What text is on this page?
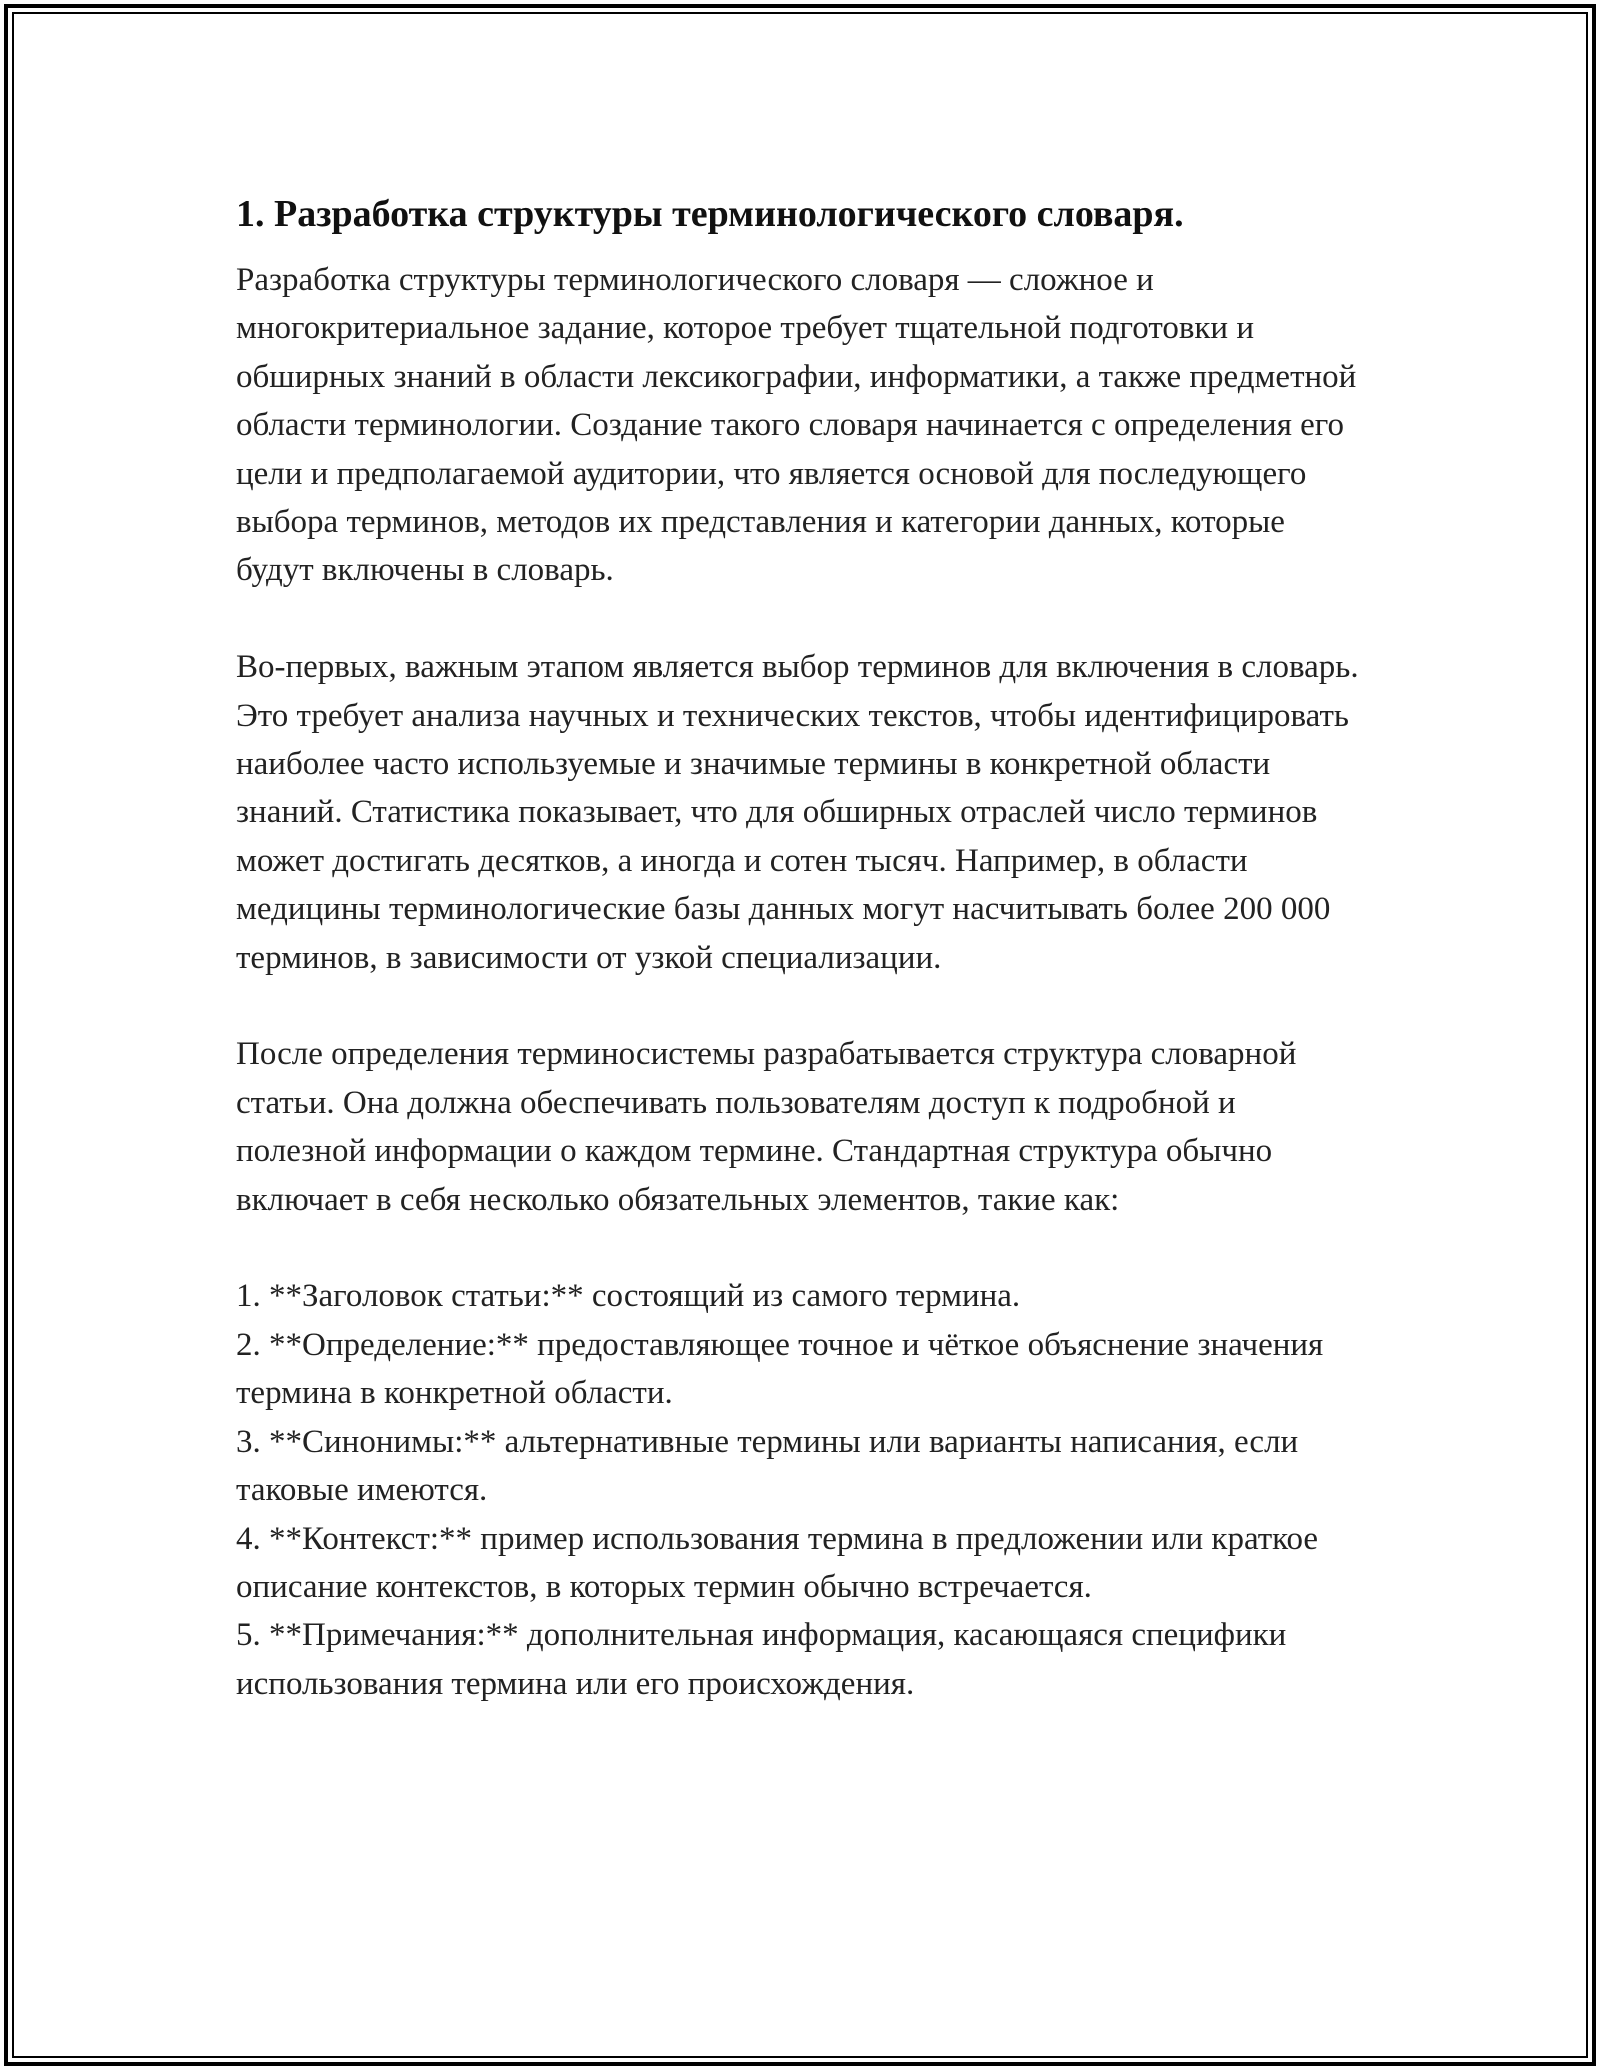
1. Разработка структуры терминологического словаря.

Разработка структуры терминологического словаря — сложное и многокритериальное задание, которое требует тщательной подготовки и обширных знаний в области лексикографии, информатики, а также предметной области терминологии. Создание такого словаря начинается с определения его цели и предполагаемой аудитории, что является основой для последующего выбора терминов, методов их представления и категории данных, которые будут включены в словарь.

Во-первых, важным этапом является выбор терминов для включения в словарь. Это требует анализа научных и технических текстов, чтобы идентифицировать наиболее часто используемые и значимые термины в конкретной области знаний. Статистика показывает, что для обширных отраслей число терминов может достигать десятков, а иногда и сотен тысяч. Например, в области медицины терминологические базы данных могут насчитывать более 200 000 терминов, в зависимости от узкой специализации.

После определения терминосистемы разрабатывается структура словарной статьи. Она должна обеспечивать пользователям доступ к подробной и полезной информации о каждом термине. Стандартная структура обычно включает в себя несколько обязательных элементов, такие как:

1. **Заголовок статьи:** состоящий из самого термина.
2. **Определение:** предоставляющее точное и чёткое объяснение значения термина в конкретной области.
3. **Синонимы:** альтернативные термины или варианты написания, если таковые имеются.
4. **Контекст:** пример использования термина в предложении или краткое описание контекстов, в которых термин обычно встречается.
5. **Примечания:** дополнительная информация, касающаяся специфики использования термина или его происхождения.
